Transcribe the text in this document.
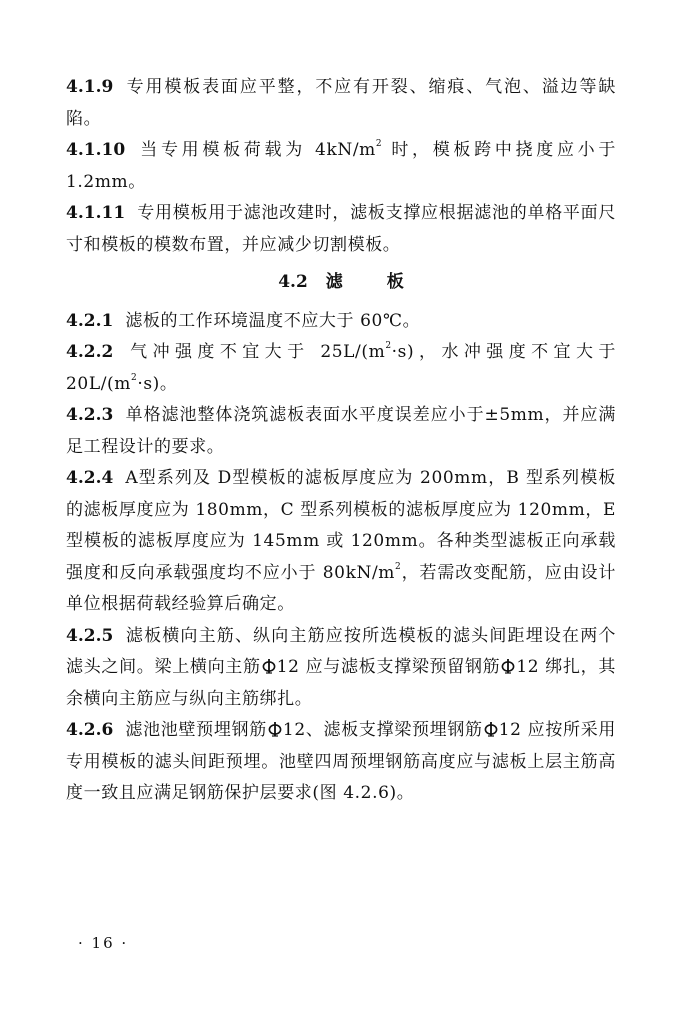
4.1.9 专用模板表面应平整，不应有开裂、缩痕、气泡、溢边等缺陷。

4.1.10 当专用模板荷载为 $4kN/m^2$ 时，模板跨中挠度应小于 1.2mm。

4.1.11 专用模板用于滤池改建时，滤板支撑应根据滤池的单格平面尺寸和模板的模数布置，并应减少切割模板。

4.2 滤	板

4.2.1 滤板的工作环境温度不应大于 60℃。

4.2.2 气冲强度不宜大于 $25L/(m^2\cdot s)$，水冲强度不宜大于 $20L/(m^2\cdot s)$。

4.2.3 单格滤池整体浇筑滤板表面水平度误差应小于±5mm，并应满足工程设计的要求。

4.2.4 A型系列及 D型模板的滤板厚度应为 200mm，B 型系列模板的滤板厚度应为 180mm，C 型系列模板的滤板厚度应为 120mm，E 型模板的滤板厚度应为 145mm 或 120mm。各种类型滤板正向承载强度和反向承载强度均不应小于 $80kN/m^2$，若需改变配筋，应由设计单位根据荷载经验算后确定。

4.2.5 滤板横向主筋、纵向主筋应按所选模板的滤头间距埋设在两个滤头之间。梁上横向主筋 12 应与滤板支撑梁预留钢筋 12 绑扎，其余横向主筋应与纵向主筋绑扎。

4.2.6 滤池池壁预埋钢筋 12、滤板支撑梁预埋钢筋 12 应按所采用专用模板的滤头间距预埋。池壁四周预埋钢筋高度应与滤板上层主筋高度一致且应满足钢筋保护层要求(图 4.2.6)。

· 16 ·
